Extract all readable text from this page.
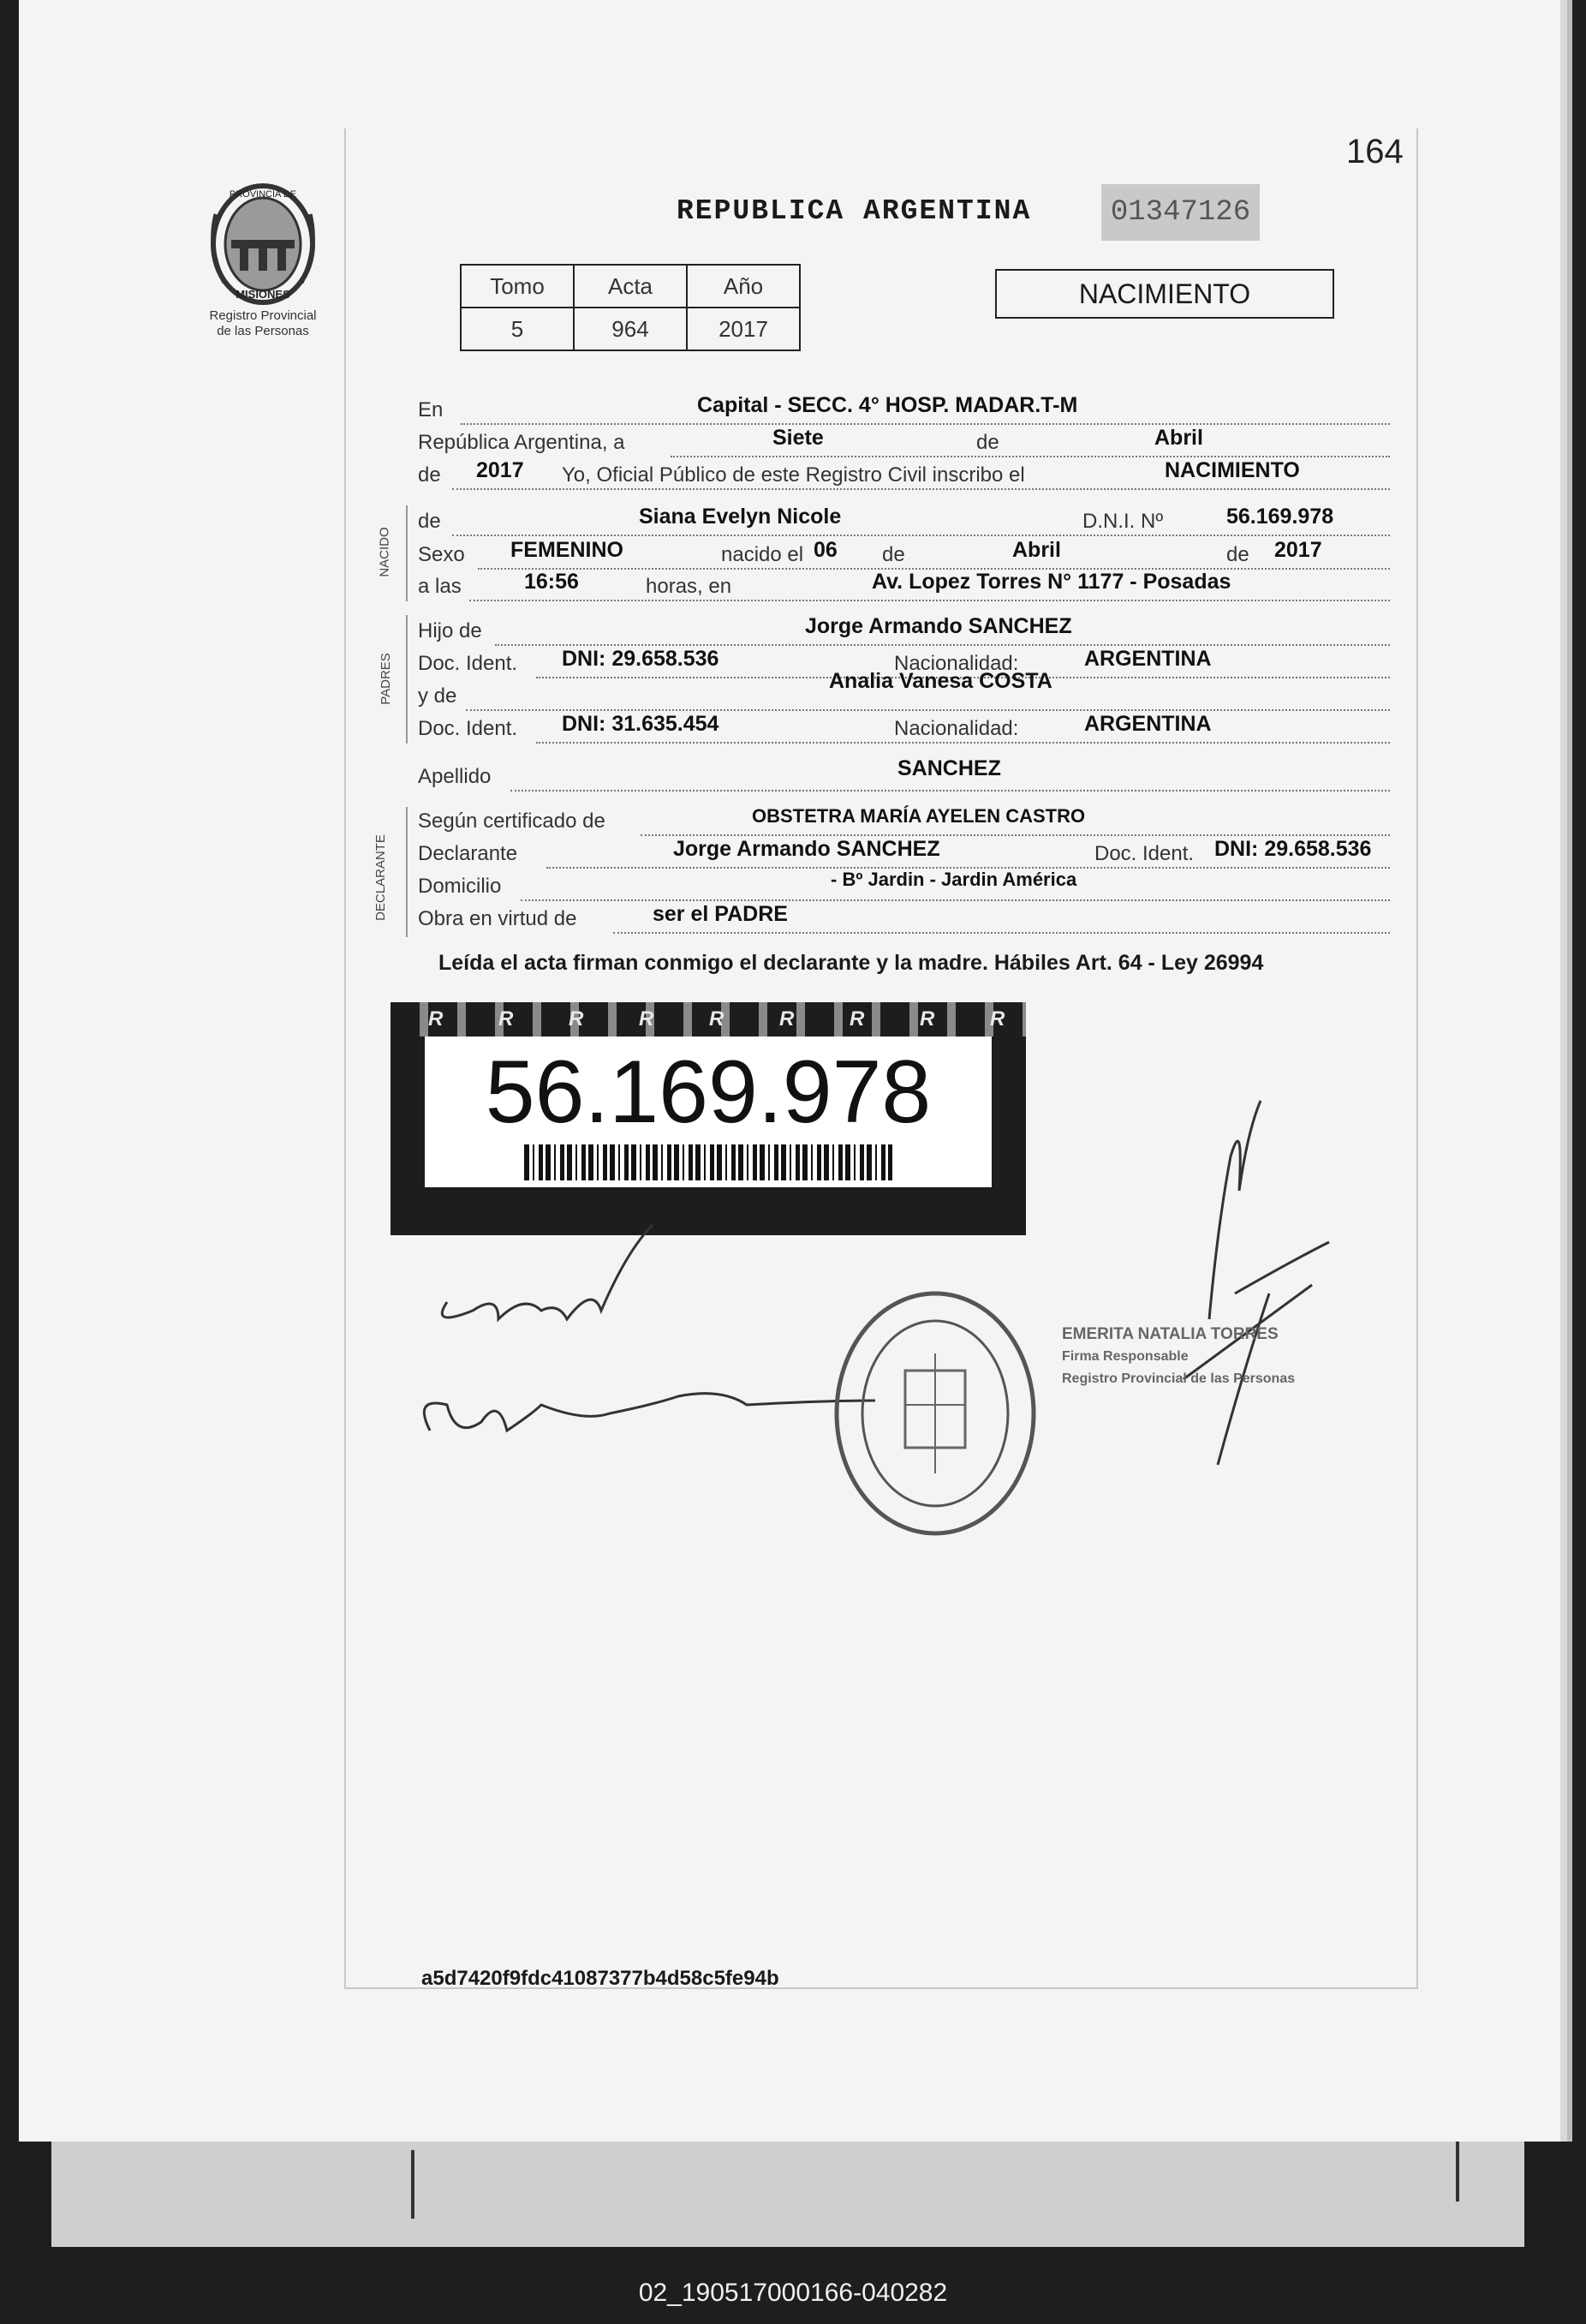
164
PROVINCIA DE
MISIONES
Registro Provincial
de las Personas
REPUBLICA ARGENTINA	01347126
Tomo	Acta	Año
5	964	2017
NACIMIENTO
En	Capital - SECC. 4° HOSP. MADAR.T-M
República Argentina, a	Siete	de	Abril
de 2017 Yo, Oficial Público de este Registro Civil inscribo el	NACIMIENTO
NACIDO
de	Siana Evelyn Nicole	D.N.I. Nº	56.169.978
Sexo FEMENINO	nacido el 06 de	Abril	de 2017
a las	16:56	horas, en	Av. Lopez Torres N° 1177 - Posadas
PADRES
Hijo de	Jorge Armando SANCHEZ
Doc. Ident. DNI: 29.658.536	Nacionalidad:	ARGENTINA
y de
Analia Vanesa COSTA
Doc. Ident. DNI: 31.635.454	Nacionalidad:	ARGENTINA
Apellido	SANCHEZ
DECLARANTE
Según certificado de	OBSTETRA MARÍA AYELEN CASTRO
Declarante	Jorge Armando SANCHEZ	Doc. Ident. DNI: 29.658.536
Domicilio	- Bº Jardin - Jardin América
Obra en virtud de	ser el PADRE
Leída el acta firman conmigo el declarante y la madre. Hábiles Art. 64 - Ley 26994
R	R	R	R	R	R	R	R	R
56.169.978
EMERITA NATALIA TORRES
Firma Responsable
Registro Provincial de las Personas
a5d7420f9fdc41087377b4d58c5fe94b
02_190517000166-040282
